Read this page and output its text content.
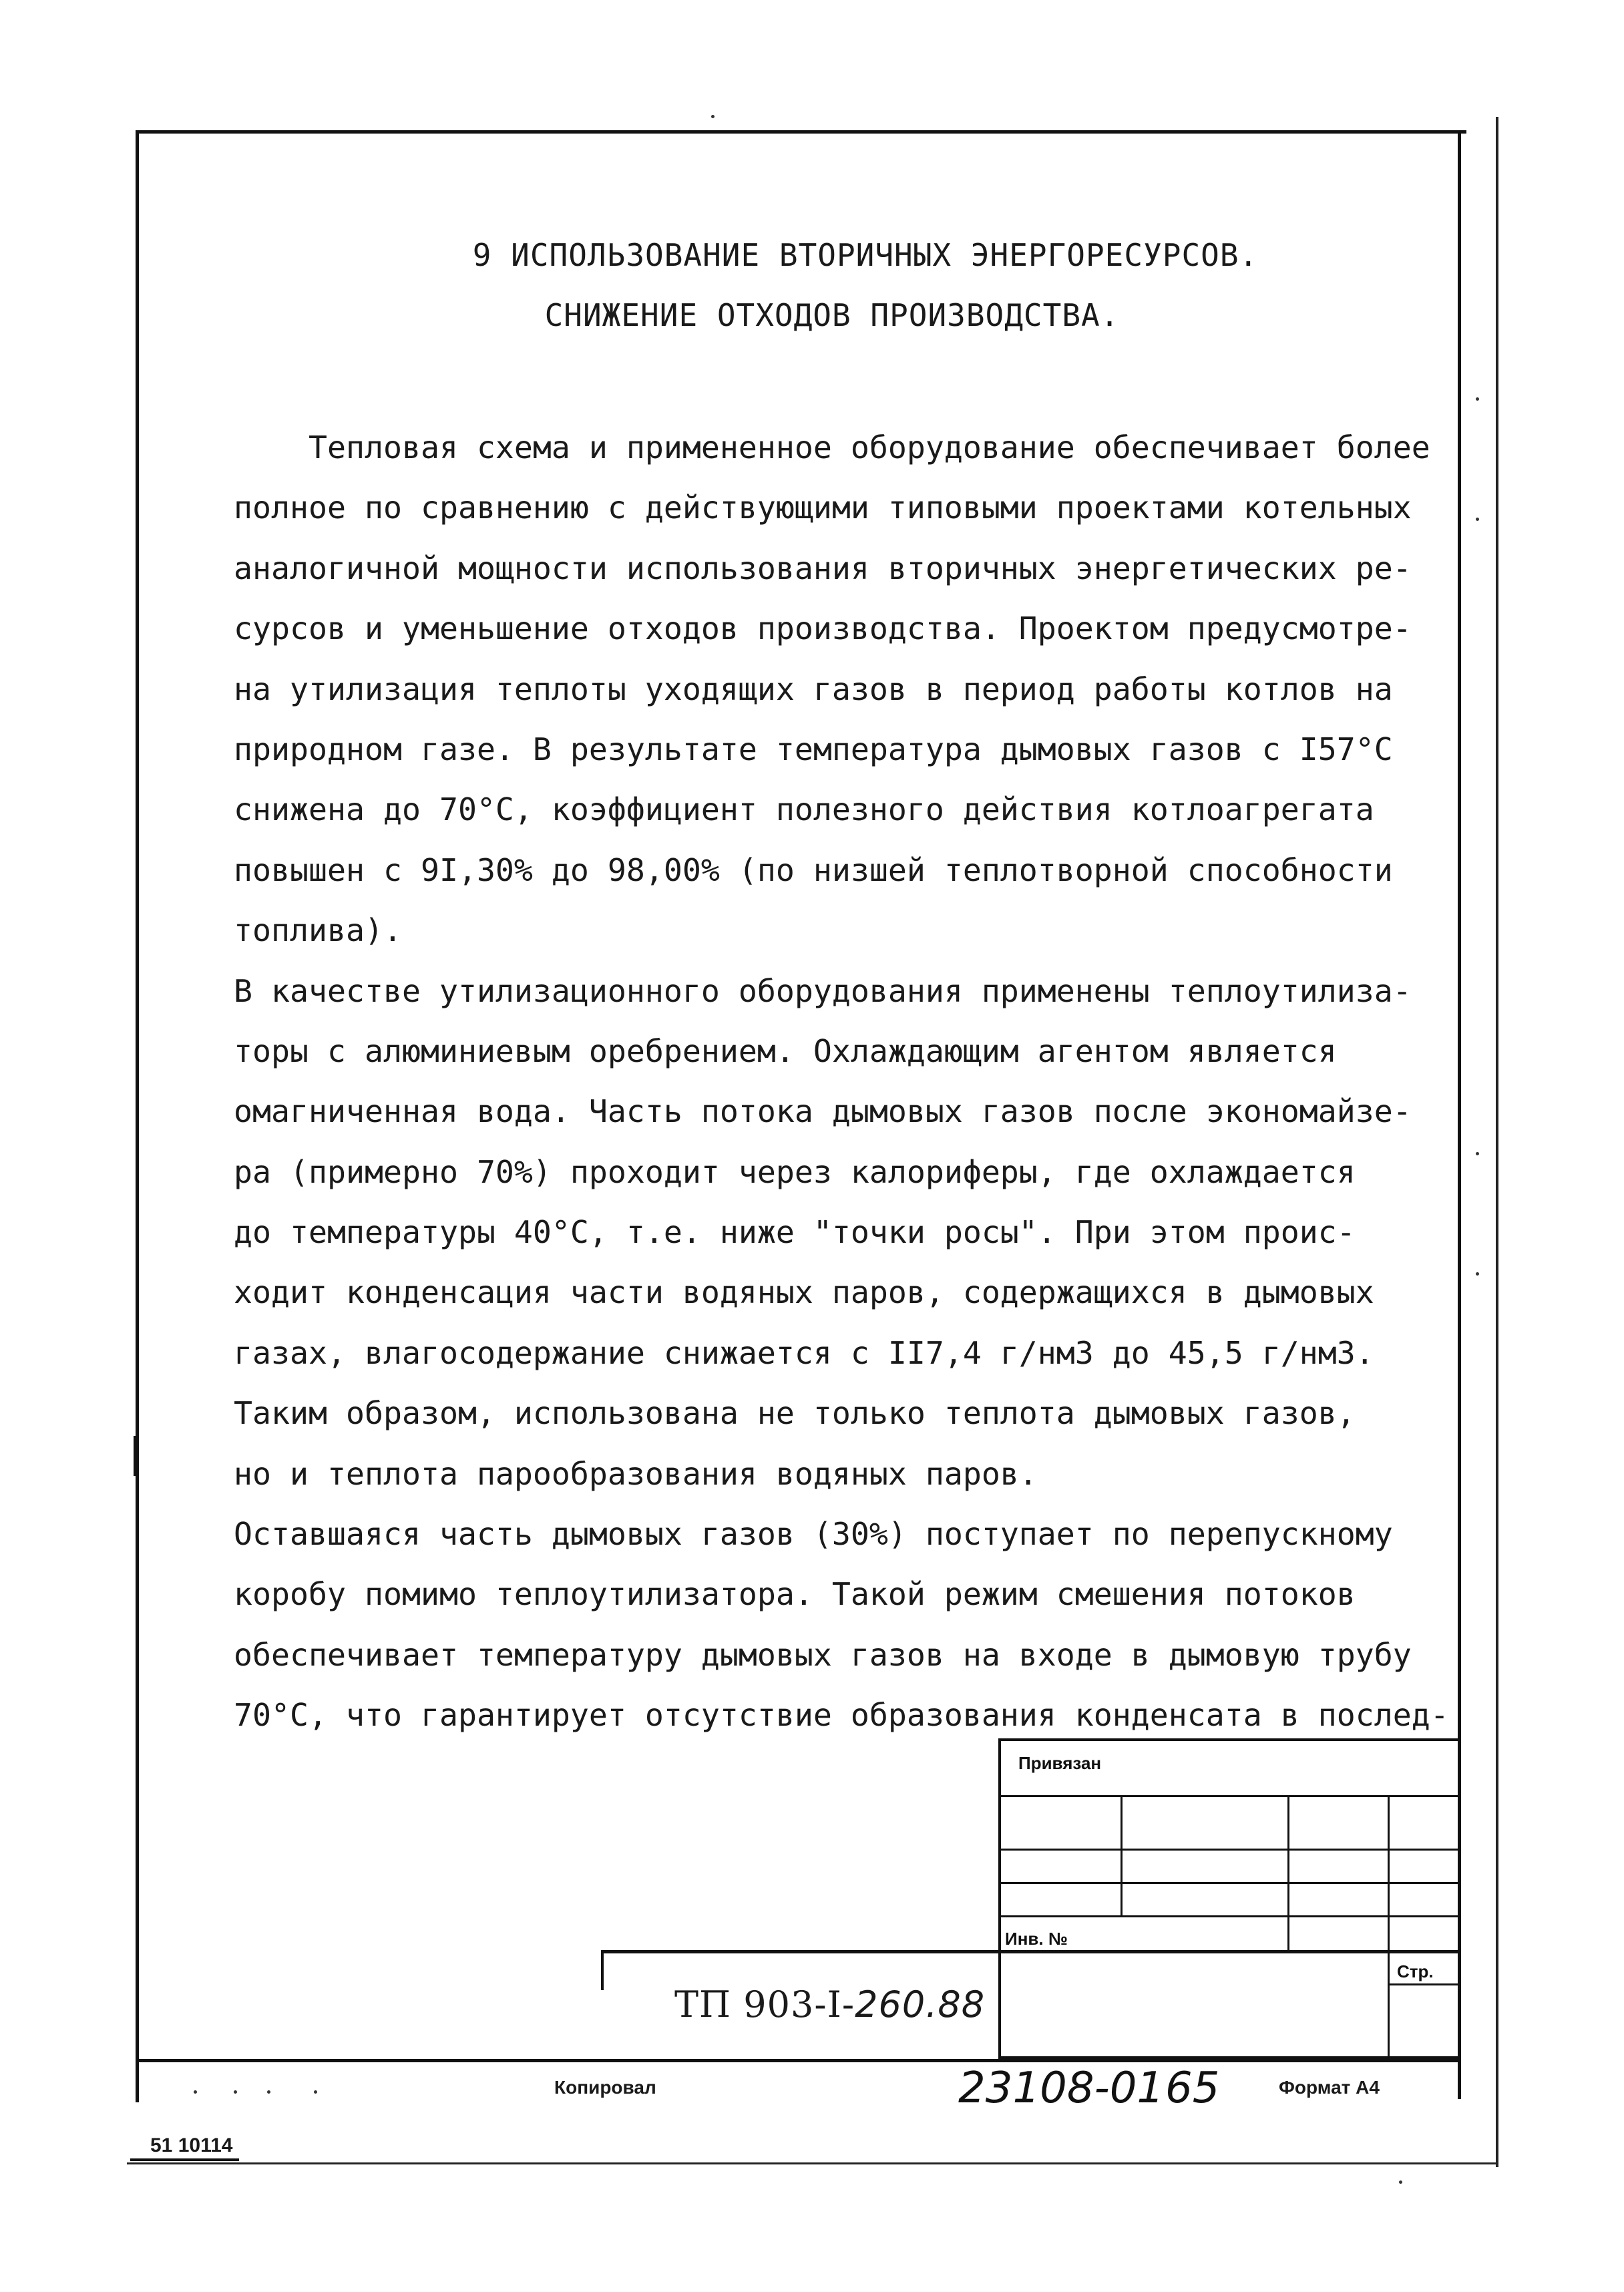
9 ИСПОЛЬЗОВАНИЕ ВТОРИЧНЫХ ЭНЕРГОРЕСУРСОВ.
СНИЖЕНИЕ ОТХОДОВ ПРОИЗВОДСТВА.
Тепловая схема и примененное оборудование обеспечивает более
полное по сравнению с действующими типовыми проектами котельных
аналогичной мощности использования вторичных энергетических ре-
сурсов и уменьшение отходов производства. Проектом предусмотре-
на утилизация теплоты уходящих газов в период работы котлов на
природном газе. В результате температура дымовых газов с I57°C
снижена до 70°C, коэффициент полезного действия котлоагрегата
повышен с 9I,30% до 98,00% (по низшей теплотворной способности
топлива).
В качестве утилизационного оборудования применены теплоутилиза-
торы с алюминиевым оребрением. Охлаждающим агентом является
омагниченная вода. Часть потока дымовых газов после экономайзе-
ра (примерно 70%) проходит через калориферы, где охлаждается
до температуры 40°C, т.е. ниже "точки росы". При этом проис-
ходит конденсация части водяных паров, содержащихся в дымовых
газах, влагосодержание снижается с II7,4 г/нм3 до 45,5 г/нм3.
Таким образом, использована не только теплота дымовых газов,
но и теплота парообразования водяных паров.
Оставшаяся часть дымовых газов (30%) поступает по перепускному
коробу помимо теплоутилизатора. Такой режим смешения потоков
обеспечивает температуру дымовых газов на входе в дымовую трубу
70°C, что гарантирует отсутствие образования конденсата в послед-
Привязан
Инв. №
Стр.
ТП 903-I-260.88
Копировал	23108-01 65	Формат А4
51 10114
